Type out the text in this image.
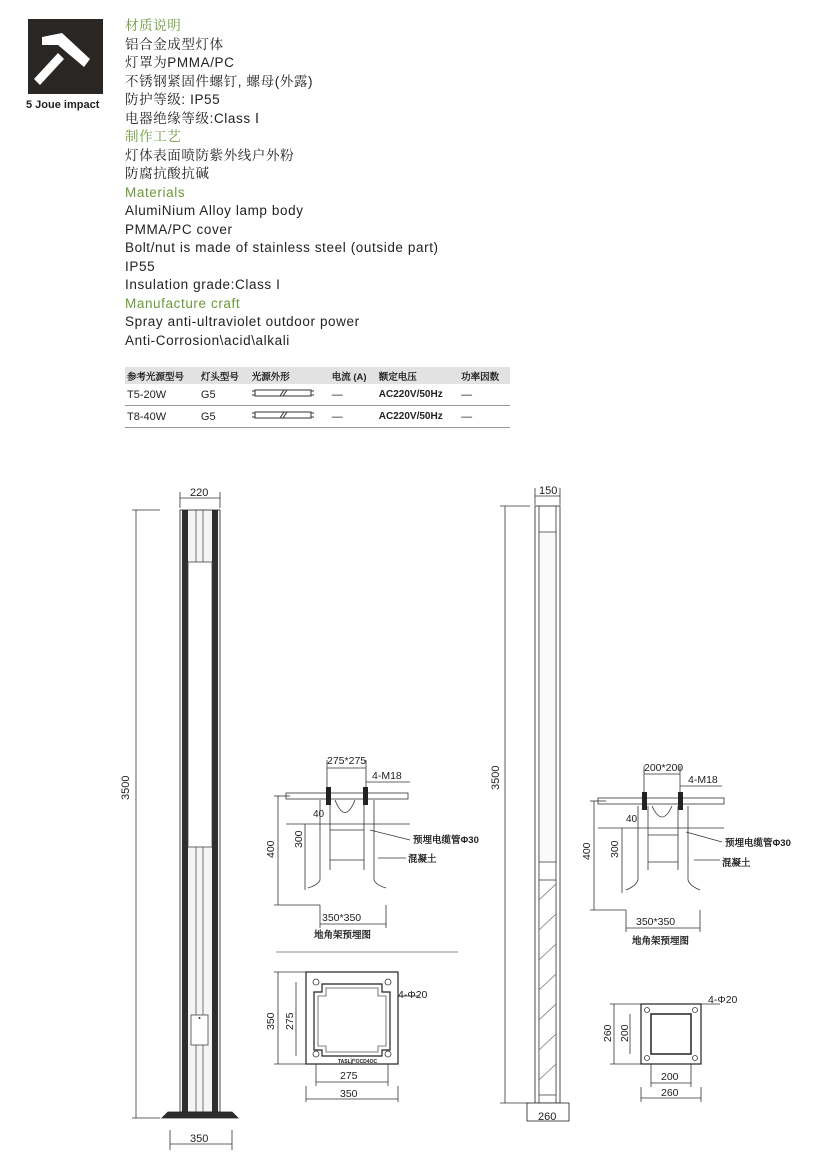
5 Joue impact
材质说明
铝合金成型灯体
灯罩为PMMA/PC
不锈钢紧固件螺钉, 螺母(外露)
防护等级: IP55
电器绝缘等级:Class Ⅰ
制作工艺
灯体表面喷防紫外线户外粉
防腐抗酸抗碱
Materials
AlumiNium Alloy lamp body
PMMA/PC cover
Bolt/nut is made of stainless steel (outside part)
IP55
Insulation grade:Class I
Manufacture craft
Spray anti-ultraviolet outdoor power
Anti-Corrosion\acid\alkali
参考光源型号	灯头型号	光源外形	电流 (A)	额定电压	功率因数
T5-20W	G5		—	AC220V/50Hz	—
T8-40W	G5		—	AC220V/50Hz	—
220
3500
350
150
3500
260
275*275
4-M18
40
预埋电缆管Φ30
混凝土
400
300
350*350
地角架预埋图
TASL沪OCD4OC
4-Φ20
350 275
275
350
200*200
4-M18
40
预埋电缆管Φ30
混凝土
400 300
350*350
地角架预埋图
4-Φ20
260 200
200
260
